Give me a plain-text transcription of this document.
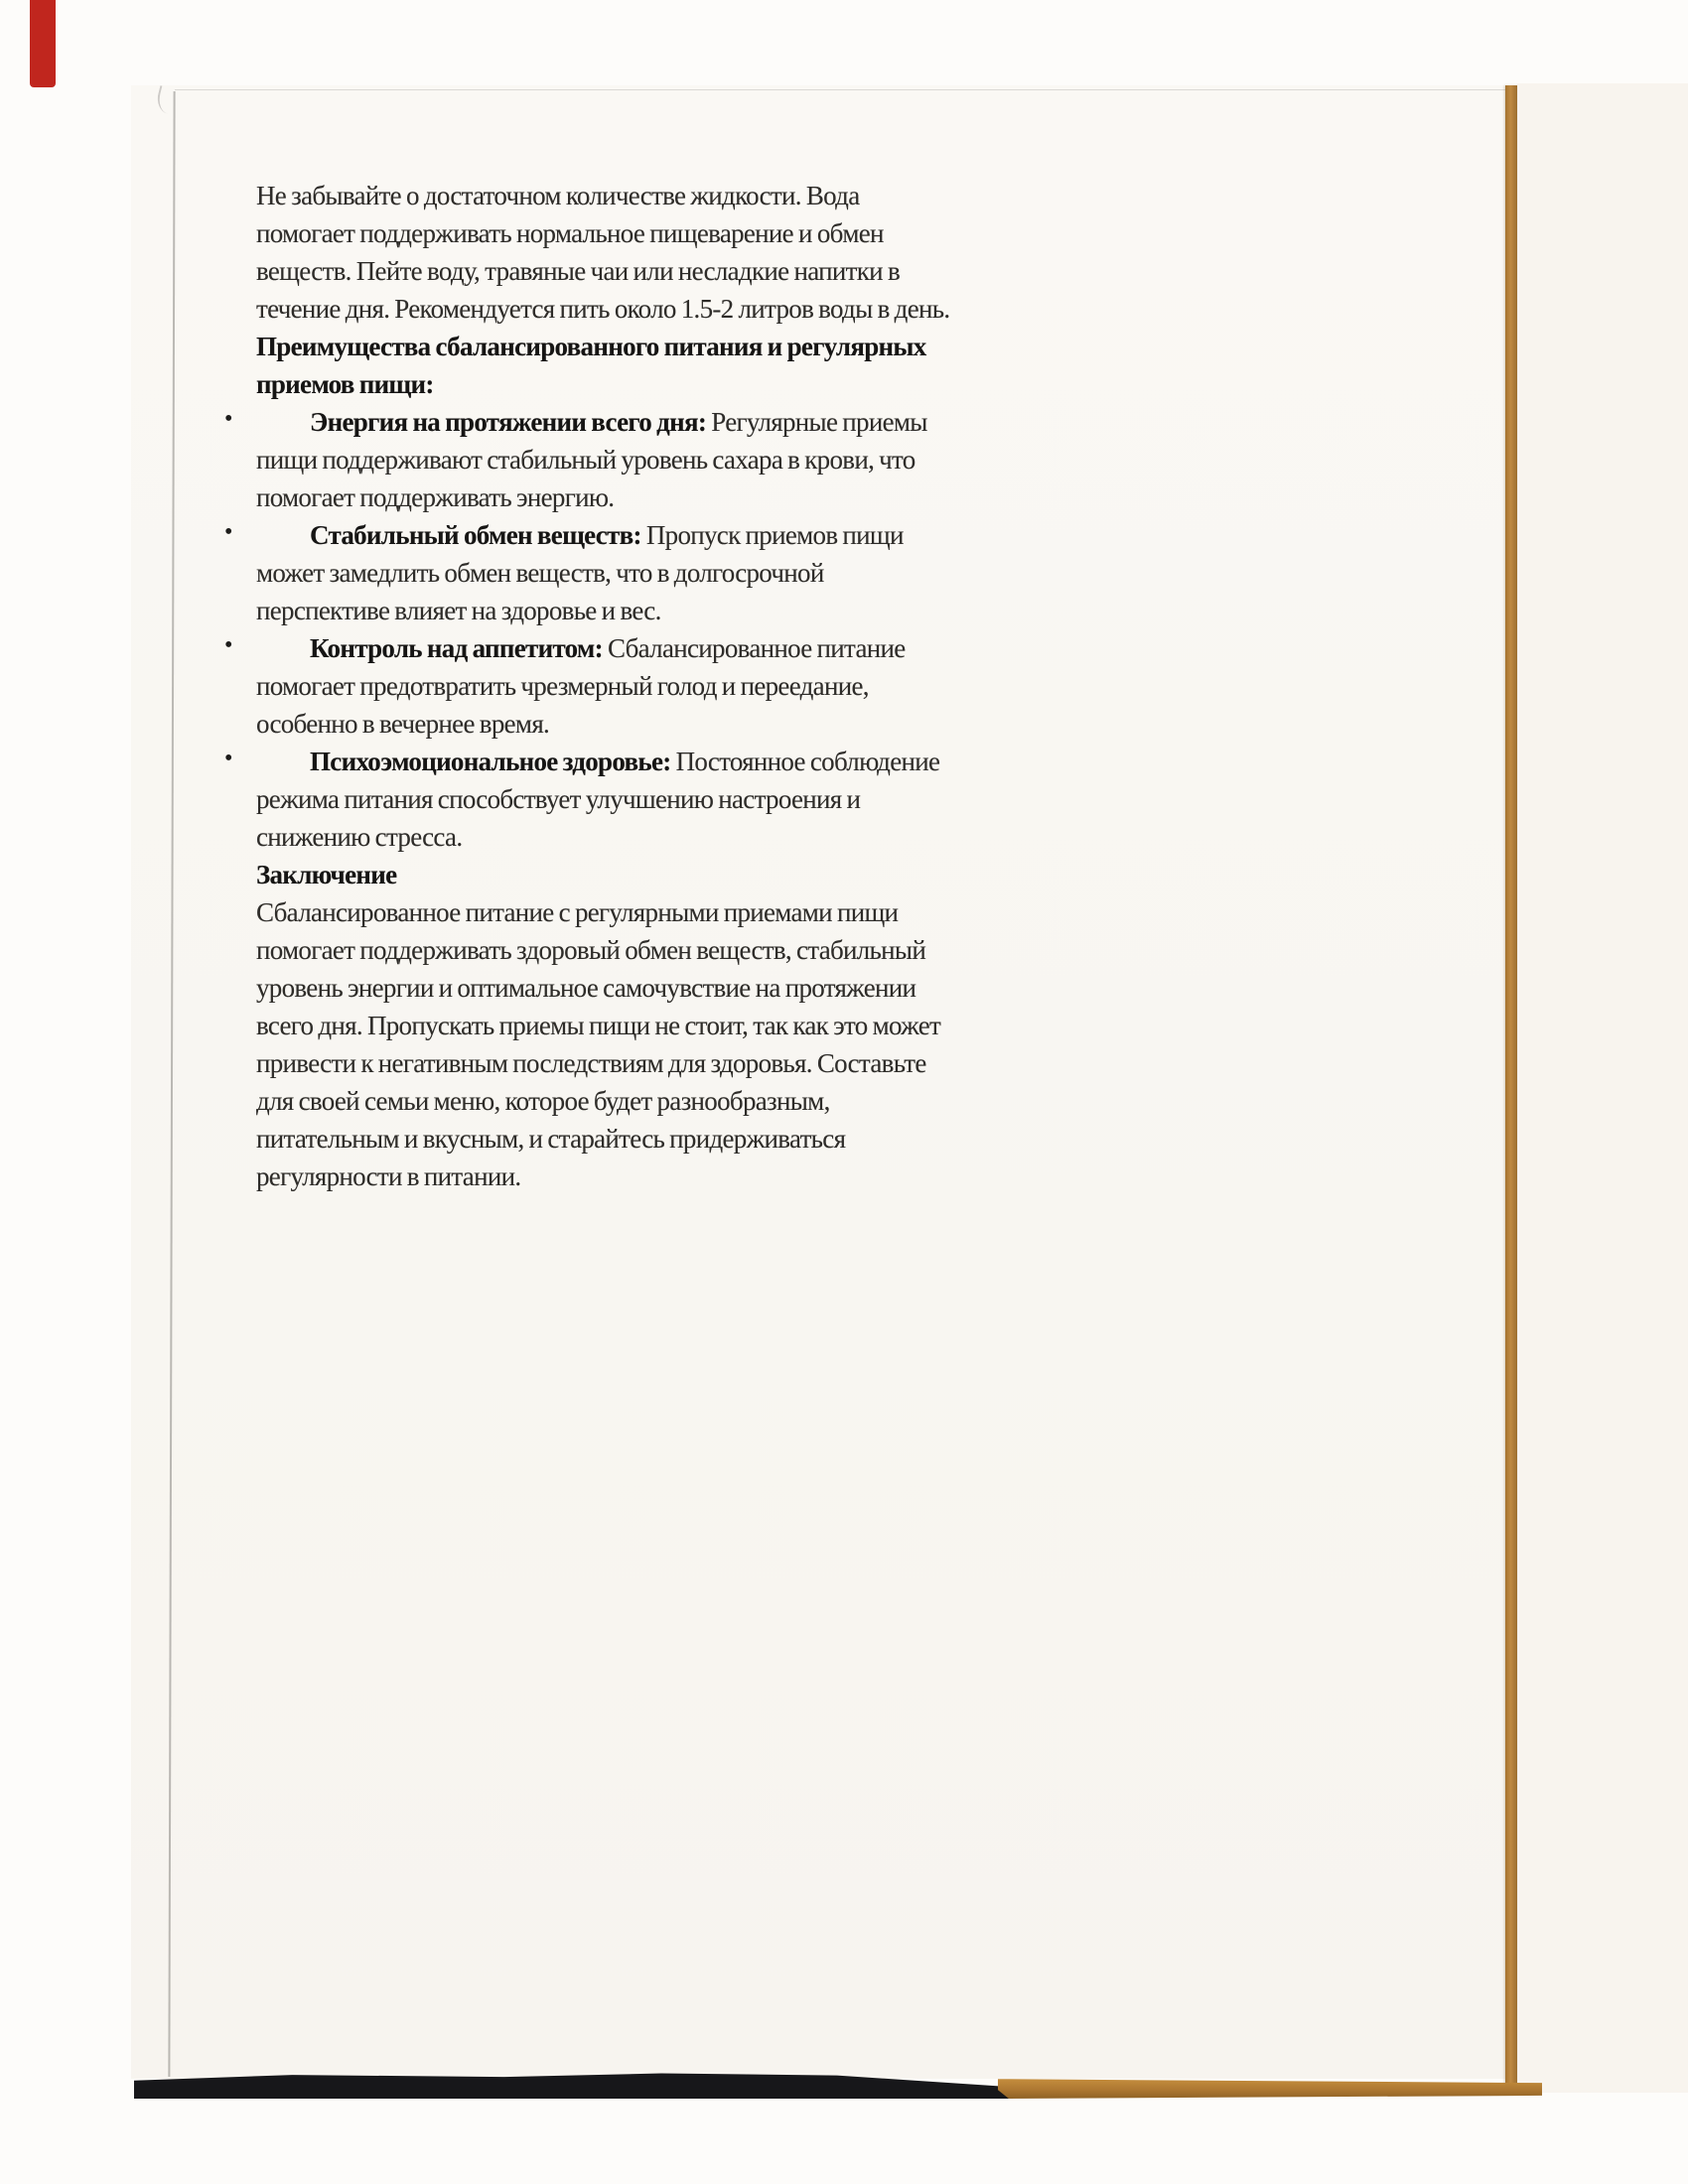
Не забывайте о достаточном количестве жидкости. Вода помогает поддерживать нормальное пищеварение и обмен веществ. Пейте воду, травяные чаи или несладкие напитки в течение дня. Рекомендуется пить около 1.5-2 литров воды в день.

Преимущества сбалансированного питания и регулярных приемов пищи:

•	Энергия на протяжении всего дня: Регулярные приемы пищи поддерживают стабильный уровень сахара в крови, что помогает поддерживать энергию.
•	Стабильный обмен веществ: Пропуск приемов пищи может замедлить обмен веществ, что в долгосрочной перспективе влияет на здоровье и вес.
•	Контроль над аппетитом: Сбалансированное питание помогает предотвратить чрезмерный голод и переедание, особенно в вечернее время.
•	Психоэмоциональное здоровье: Постоянное соблюдение режима питания способствует улучшению настроения и снижению стресса.

Заключение

Сбалансированное питание с регулярными приемами пищи помогает поддерживать здоровый обмен веществ, стабильный уровень энергии и оптимальное самочувствие на протяжении всего дня. Пропускать приемы пищи не стоит, так как это может привести к негативным последствиям для здоровья. Составьте для своей семьи меню, которое будет разнообразным, питательным и вкусным, и старайтесь придерживаться регулярности в питании.
